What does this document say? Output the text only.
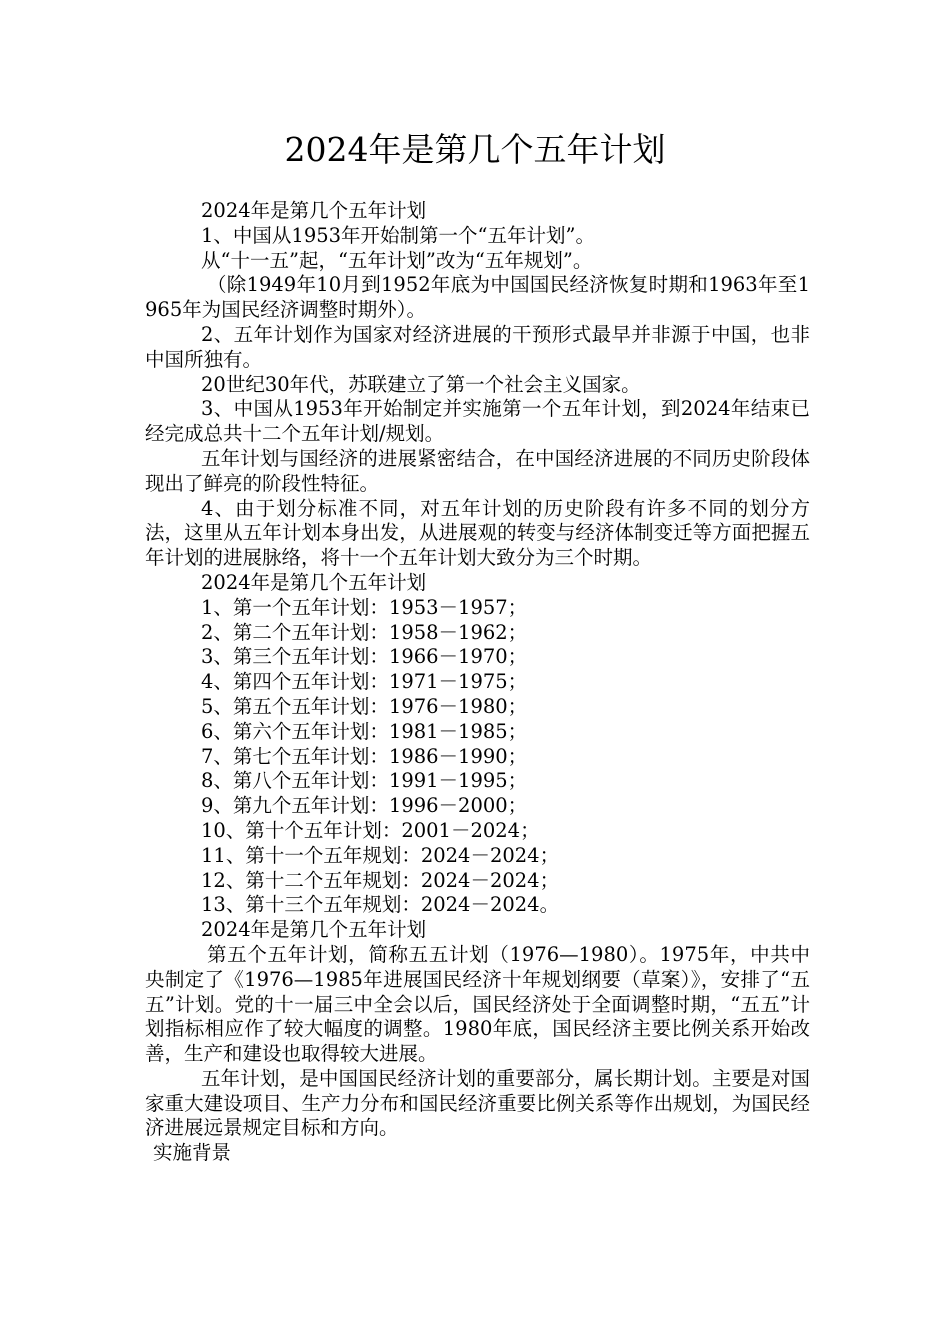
2024年是第几个五年计划

2024年是第几个五年计划

1、中国从1953年开始制第一个“五年计划”。

从“十一五”起，“五年计划”改为“五年规划”。

（除1949年10月到1952年底为中国国民经济恢复时期和1963年至1965年为国民经济调整时期外）。

2、五年计划作为国家对经济进展的干预形式最早并非源于中国，也非中国所独有。

20世纪30年代，苏联建立了第一个社会主义国家。

3、中国从1953年开始制定并实施第一个五年计划，到2024年结束已经完成总共十二个五年计划/规划。

五年计划与国经济的进展紧密结合，在中国经济进展的不同历史阶段体现出了鲜亮的阶段性特征。

4、由于划分标准不同，对五年计划的历史阶段有许多不同的划分方法，这里从五年计划本身出发，从进展观的转变与经济体制变迁等方面把握五年计划的进展脉络，将十一个五年计划大致分为三个时期。

2024年是第几个五年计划

1、第一个五年计划：1953－1957；

2、第二个五年计划：1958－1962；

3、第三个五年计划：1966－1970；

4、第四个五年计划：1971－1975；

5、第五个五年计划：1976－1980；

6、第六个五年计划：1981－1985；

7、第七个五年计划：1986－1990；

8、第八个五年计划：1991－1995；

9、第九个五年计划：1996－2000；

10、第十个五年计划：2001－2024；

11、第十一个五年规划：2024－2024；

12、第十二个五年规划：2024－2024；

13、第十三个五年规划：2024－2024。

2024年是第几个五年计划

第五个五年计划，简称五五计划（1976—1980）。1975年，中共中央制定了《1976—1985年进展国民经济十年规划纲要（草案）》，安排了“五五”计划。党的十一届三中全会以后，国民经济处于全面调整时期，“五五”计划指标相应作了较大幅度的调整。1980年底，国民经济主要比例关系开始改善，生产和建设也取得较大进展。

五年计划，是中国国民经济计划的重要部分，属长期计划。主要是对国家重大建设项目、生产力分布和国民经济重要比例关系等作出规划，为国民经济进展远景规定目标和方向。

实施背景
